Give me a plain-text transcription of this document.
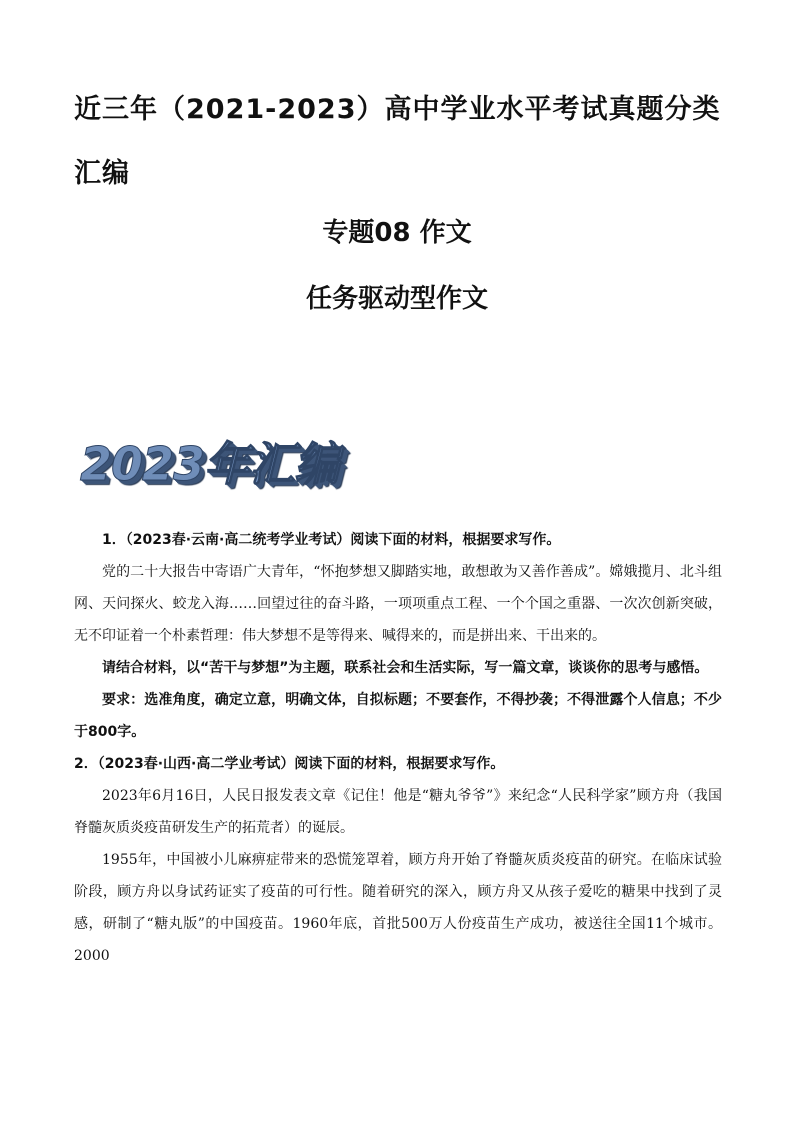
近三年（2021-2023）高中学业水平考试真题分类汇编
专题08 作文
任务驱动型作文
2023年汇编

1．（2023春·云南·高二统考学业考试）阅读下面的材料，根据要求写作。

党的二十大报告中寄语广大青年，“怀抱梦想又脚踏实地，敢想敢为又善作善成”。嫦娥揽月、北斗组网、天问探火、蛟龙入海……回望过往的奋斗路，一项项重点工程、一个个国之重器、一次次创新突破，无不印证着一个朴素哲理：伟大梦想不是等得来、喊得来的，而是拼出来、干出来的。

请结合材料，以“苦干与梦想”为主题，联系社会和生活实际，写一篇文章，谈谈你的思考与感悟。

要求：选准角度，确定立意，明确文体，自拟标题；不要套作，不得抄袭；不得泄露个人信息；不少于800字。

2．（2023春·山西·高二学业考试）阅读下面的材料，根据要求写作。

2023年6月16日，人民日报发表文章《记住！他是“糖丸爷爷”》来纪念“人民科学家”顾方舟（我国脊髓灰质炎疫苗研发生产的拓荒者）的诞辰。

1955年，中国被小儿麻痹症带来的恐慌笼罩着，顾方舟开始了脊髓灰质炎疫苗的研究。在临床试验阶段，顾方舟以身试药证实了疫苗的可行性。随着研究的深入，顾方舟又从孩子爱吃的糖果中找到了灵感，研制了“糖丸版”的中国疫苗。1960年底，首批500万人份疫苗生产成功，被送往全国11个城市。2000
